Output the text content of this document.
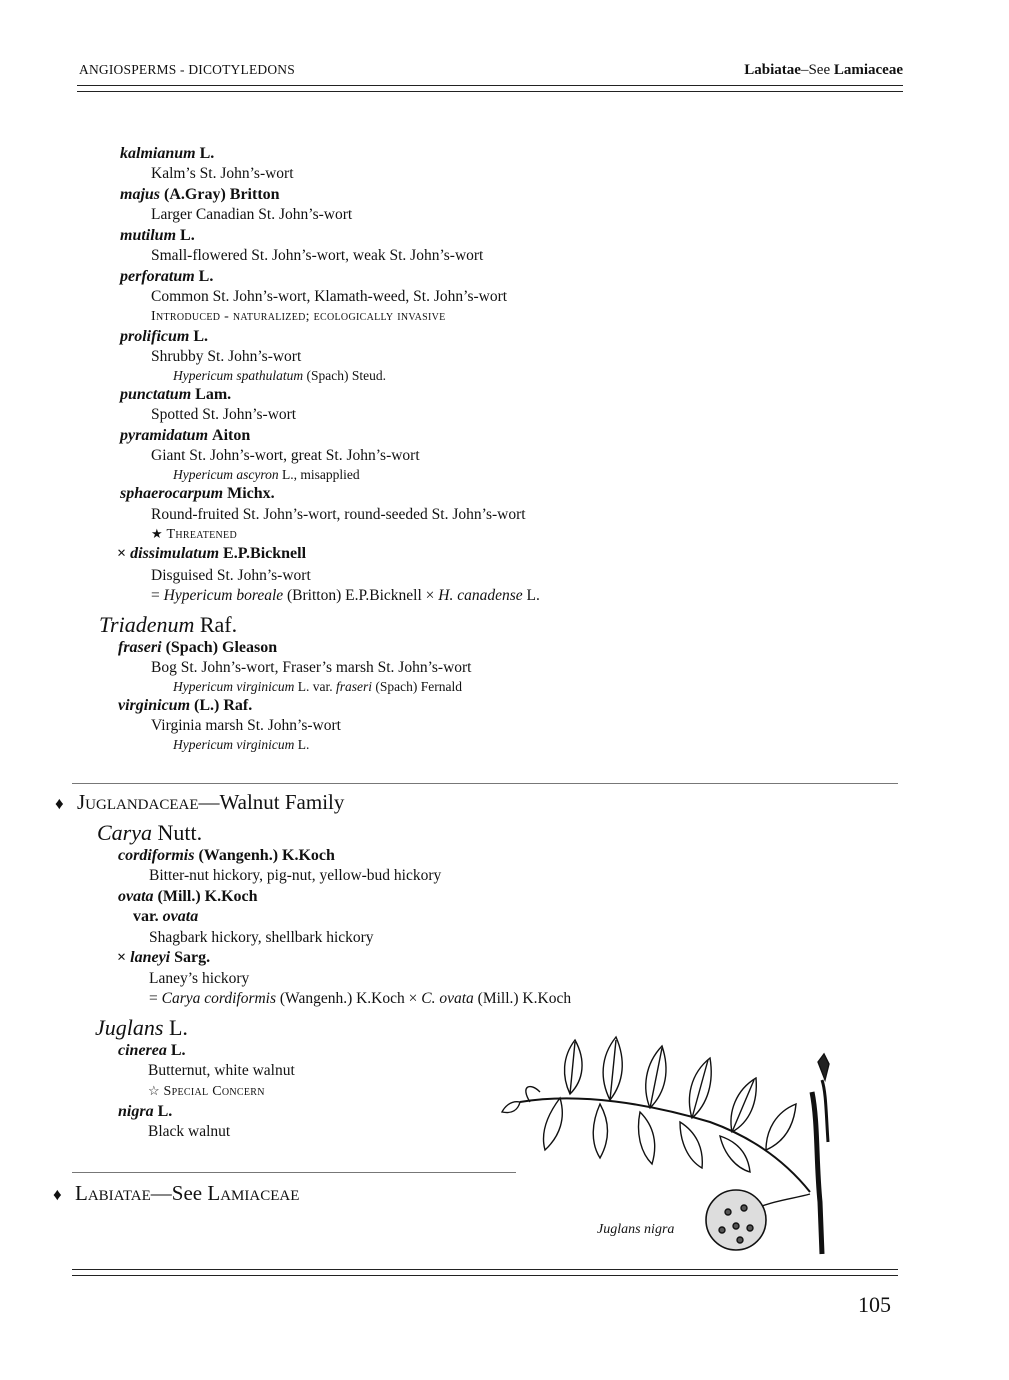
ANGIOSPERMS - DICOTYLEDONS	Labiatae–See Lamiaceae
kalmianum L.
Kalm’s St. John’s-wort
majus (A.Gray) Britton
Larger Canadian St. John’s-wort
mutilum L.
Small-flowered St. John’s-wort, weak St. John’s-wort
perforatum L.
Common St. John’s-wort, Klamath-weed, St. John’s-wort
Introduced - naturalized; ecologically invasive
prolificum L.
Shrubby St. John’s-wort
Hypericum spathulatum (Spach) Steud.
punctatum Lam.
Spotted St. John’s-wort
pyramidatum Aiton
Giant St. John’s-wort, great St. John’s-wort
Hypericum ascyron L., misapplied
sphaerocarpum Michx.
Round-fruited St. John’s-wort, round-seeded St. John’s-wort
★ Threatened
× dissimulatum E.P.Bicknell
Disguised St. John’s-wort
= Hypericum boreale (Britton) E.P.Bicknell × H. canadense L.
Triadenum Raf.
fraseri (Spach) Gleason
Bog St. John’s-wort, Fraser’s marsh St. John’s-wort
Hypericum virginicum L. var. fraseri (Spach) Fernald
virginicum (L.) Raf.
Virginia marsh St. John’s-wort
Hypericum virginicum L.
♦ Juglandaceae—Walnut Family
Carya Nutt.
cordiformis (Wangenh.) K.Koch
Bitter-nut hickory, pig-nut, yellow-bud hickory
ovata (Mill.) K.Koch
var. ovata
Shagbark hickory, shellbark hickory
× laneyi Sarg.
Laney’s hickory
= Carya cordiformis (Wangenh.) K.Koch × C. ovata (Mill.) K.Koch
Juglans L.
cinerea L.
Butternut, white walnut
☆ Special Concern
nigra L.
Black walnut
♦ Labiatae—See Lamiaceae
Juglans nigra
105
